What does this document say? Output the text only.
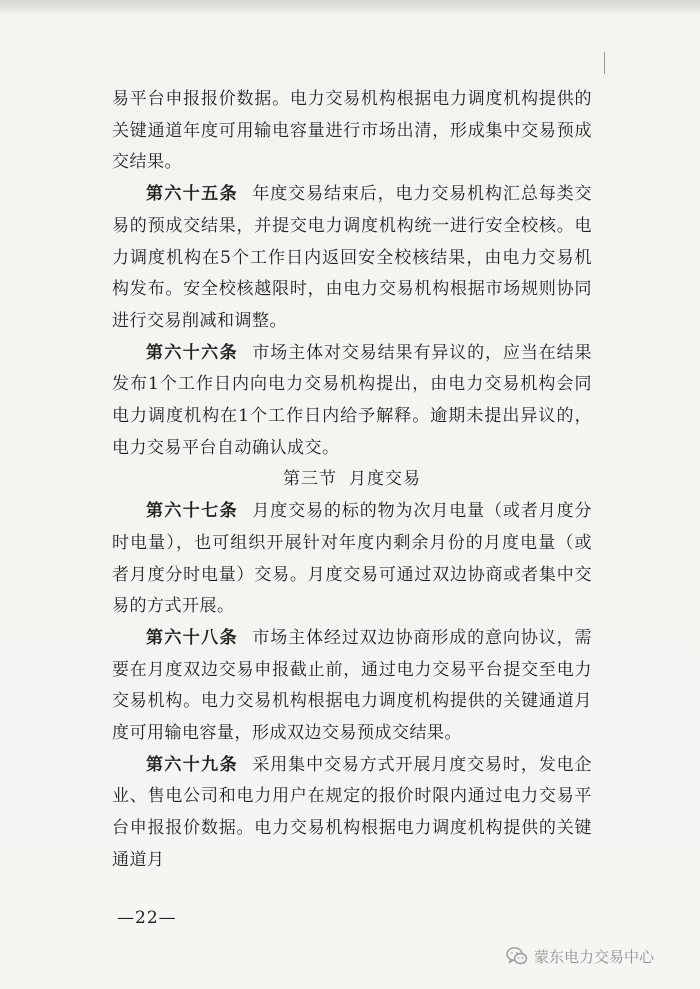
易平台申报报价数据。电力交易机构根据电力调度机构提供的关键通道年度可用输电容量进行市场出清，形成集中交易预成交结果。

第六十五条 年度交易结束后，电力交易机构汇总每类交易的预成交结果，并提交电力调度机构统一进行安全校核。电力调度机构在5个工作日内返回安全校核结果，由电力交易机构发布。安全校核越限时，由电力交易机构根据市场规则协同进行交易削减和调整。

第六十六条 市场主体对交易结果有异议的，应当在结果发布1个工作日内向电力交易机构提出，由电力交易机构会同电力调度机构在1个工作日内给予解释。逾期未提出异议的，电力交易平台自动确认成交。

第三节 月度交易

第六十七条 月度交易的标的物为次月电量（或者月度分时电量），也可组织开展针对年度内剩余月份的月度电量（或者月度分时电量）交易。月度交易可通过双边协商或者集中交易的方式开展。

第六十八条 市场主体经过双边协商形成的意向协议，需要在月度双边交易申报截止前，通过电力交易平台提交至电力交易机构。电力交易机构根据电力调度机构提供的关键通道月度可用输电容量，形成双边交易预成交结果。

第六十九条 采用集中交易方式开展月度交易时，发电企业、售电公司和电力用户在规定的报价时限内通过电力交易平台申报报价数据。电力交易机构根据电力调度机构提供的关键通道月

—22—
蒙东电力交易中心
